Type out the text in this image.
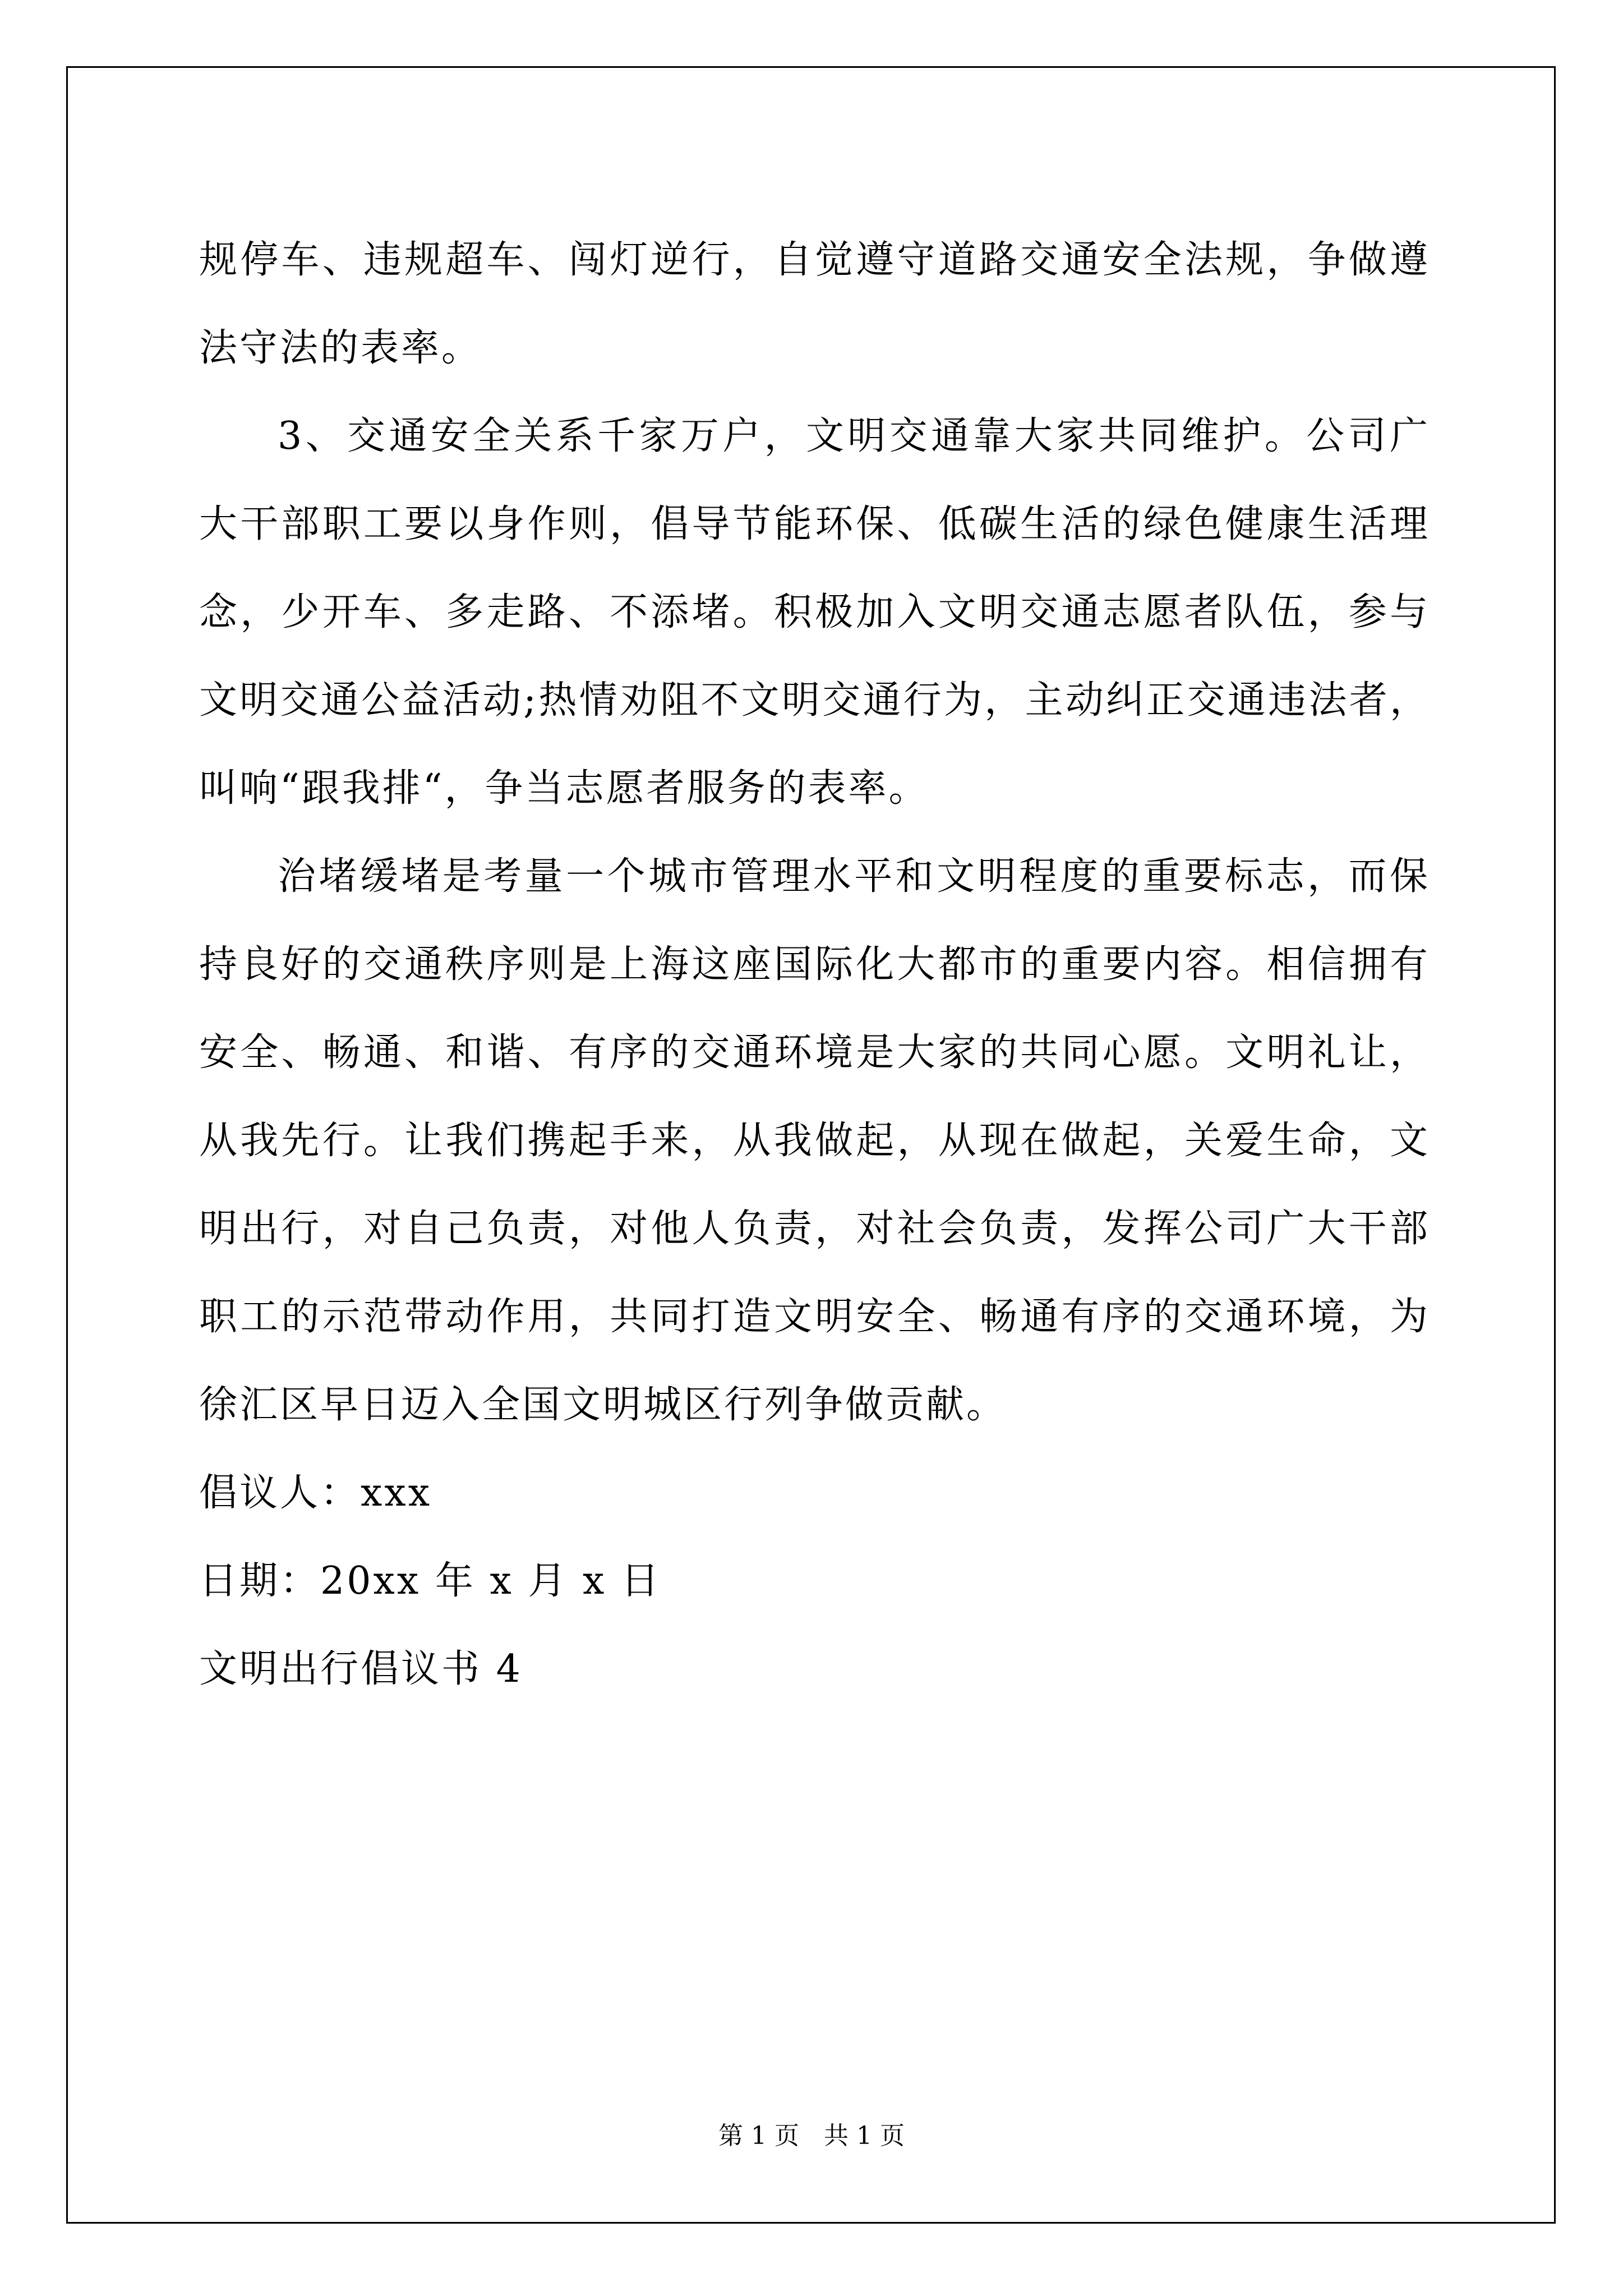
规停车、违规超车、闯灯逆行，自觉遵守道路交通安全法规，争做遵法守法的表率。

3、交通安全关系千家万户，文明交通靠大家共同维护。公司广大干部职工要以身作则，倡导节能环保、低碳生活的绿色健康生活理念，少开车、多走路、不添堵。积极加入文明交通志愿者队伍，参与文明交通公益活动;热情劝阻不文明交通行为，主动纠正交通违法者，叫响“跟我排“，争当志愿者服务的表率。

治堵缓堵是考量一个城市管理水平和文明程度的重要标志，而保持良好的交通秩序则是上海这座国际化大都市的重要内容。相信拥有安全、畅通、和谐、有序的交通环境是大家的共同心愿。文明礼让，从我先行。让我们携起手来，从我做起，从现在做起，关爱生命，文明出行，对自己负责，对他人负责，对社会负责，发挥公司广大干部职工的示范带动作用，共同打造文明安全、畅通有序的交通环境，为徐汇区早日迈入全国文明城区行列争做贡献。

倡议人：xxx

日期：20xx 年 x 月 x 日

文明出行倡议书 4

第 1 页　共 1 页
